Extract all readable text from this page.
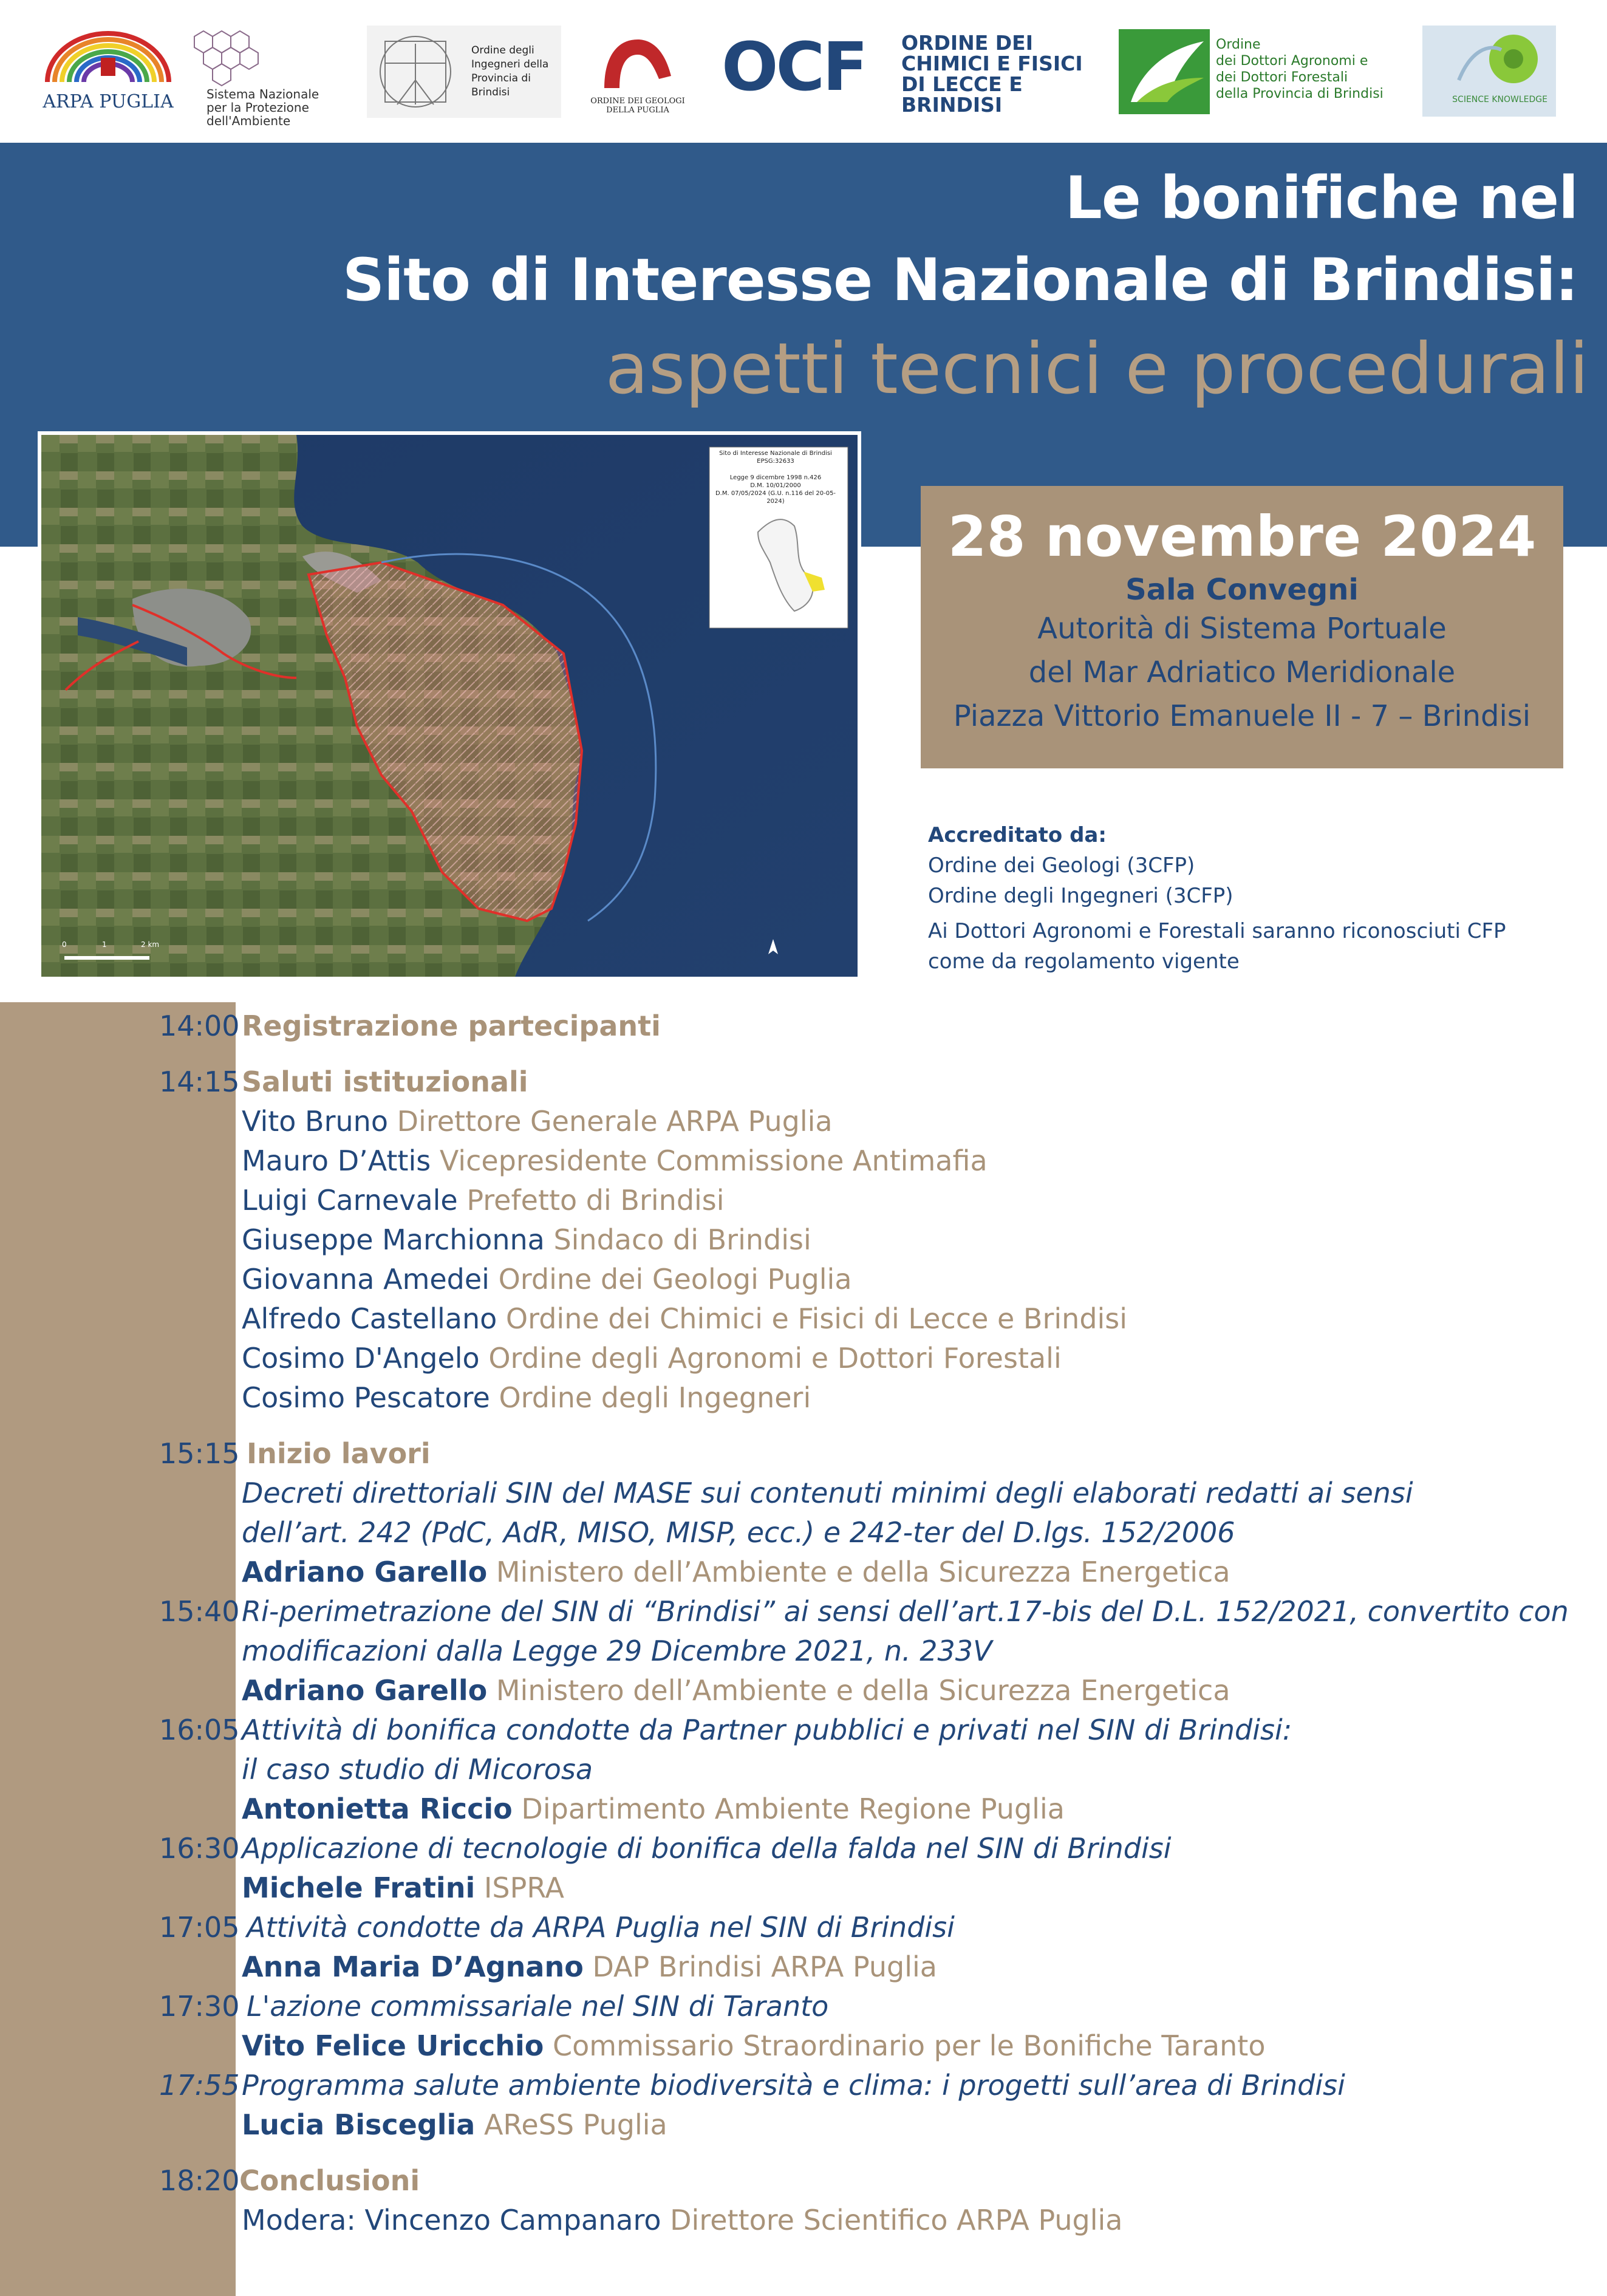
ARPA PUGLIA	Sistema Nazionale per la Protezione dell'Ambiente
Ordine degli Ingegneri della Provincia di Brindisi
ORDINE DEI GEOLOGI DELLA PUGLIA
OCF	ORDINE DEI
CHIMICI E FISICI
DI LECCE E
BRINDISI
Ordine
dei Dottori Agronomi e
dei Dottori Forestali
della Provincia di Brindisi	SCIENCE KNOWLEDGE
Le bonifiche nel
Sito di Interesse Nazionale di Brindisi:
aspetti tecnici e procedurali
Sito di Interesse Nazionale di Brindisi
EPSG:32633
Legge 9 dicembre 1998 n.426
D.M. 10/01/2000
D.M. 07/05/2024 (G.U. n.116 del 20-05-2024)
0	1	2 km
28 novembre 2024
Sala Convegni
Autorità di Sistema Portuale
del Mar Adriatico Meridionale
Piazza Vittorio Emanuele II - 7 – Brindisi
Accreditato da:
Ordine dei Geologi (3CFP)
Ordine degli Ingegneri (3CFP)
Ai Dottori Agronomi e Forestali saranno riconosciuti CFP
come da regolamento vigente
14:00 Registrazione partecipanti
14:15 Saluti istituzionali
Vito Bruno Direttore Generale ARPA Puglia
Mauro D’Attis Vicepresidente Commissione Antimafia
Luigi Carnevale Prefetto di Brindisi
Giuseppe Marchionna Sindaco di Brindisi
Giovanna Amedei Ordine dei Geologi Puglia
Alfredo Castellano Ordine dei Chimici e Fisici di Lecce e Brindisi
Cosimo D'Angelo Ordine degli Agronomi e Dottori Forestali
Cosimo Pescatore Ordine degli Ingegneri
15:15 Inizio lavori
Decreti direttoriali SIN del MASE sui contenuti minimi degli elaborati redatti ai sensi
dell’art. 242 (PdC, AdR, MISO, MISP, ecc.) e 242-ter del D.lgs. 152/2006
Adriano Garello Ministero dell’Ambiente e della Sicurezza Energetica
15:40 Ri-perimetrazione del SIN di “Brindisi” ai sensi dell’art.17-bis del D.L. 152/2021, convertito con
modificazioni dalla Legge 29 Dicembre 2021, n. 233V
Adriano Garello Ministero dell’Ambiente e della Sicurezza Energetica
16:05 Attività di bonifica condotte da Partner pubblici e privati nel SIN di Brindisi:
il caso studio di Micorosa
Antonietta Riccio Dipartimento Ambiente Regione Puglia
16:30 Applicazione di tecnologie di bonifica della falda nel SIN di Brindisi
Michele Fratini ISPRA
17:05 Attività condotte da ARPA Puglia nel SIN di Brindisi
Anna Maria D’Agnano DAP Brindisi ARPA Puglia
17:30 L'azione commissariale nel SIN di Taranto
Vito Felice Uricchio Commissario Straordinario per le Bonifiche Taranto
17:55 Programma salute ambiente biodiversità e clima: i progetti sull’area di Brindisi
Lucia Bisceglia AReSS Puglia
18:20 Conclusioni
Modera: Vincenzo Campanaro Direttore Scientifico ARPA Puglia
